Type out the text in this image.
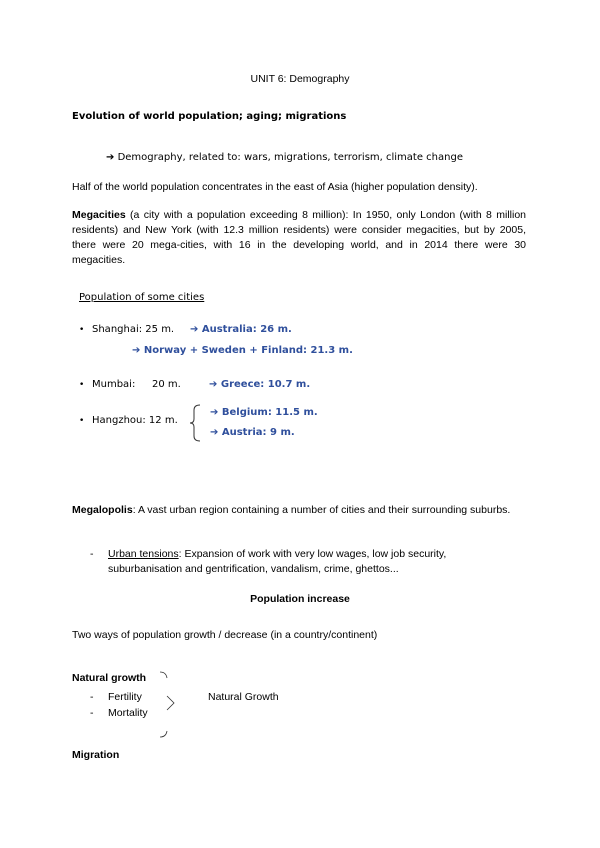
UNIT 6: Demography
Evolution of world population; aging; migrations
➔ Demography, related to: wars, migrations, terrorism, climate change
Half of the world population concentrates in the east of Asia (higher population density).
Megacities (a city with a population exceeding 8 million): In 1950, only London (with 8 million residents) and New York (with 12.3 million residents) were consider megacities, but by 2005, there were 20 mega-cities, with 16 in the developing world, and in 2014 there were 30 megacities.
Population of some cities
• Shanghai: 25 m. ➔ Australia: 26 m.
➔ Norway + Sweden + Finland: 21.3 m.
• Mumbai: 20 m.	➔ Greece: 10.7 m.
• Hangzhou: 12 m.
➔ Belgium: 11.5 m.
➔ Austria: 9 m.
Megalopolis: A vast urban region containing a number of cities and their surrounding suburbs.
- Urban tensions: Expansion of work with very low wages, low job security,
suburbanisation and gentrification, vandalism, crime, ghettos...
Population increase
Two ways of population growth / decrease (in a country/continent)
Natural growth
- Fertility
- Mortality
Natural Growth
Migration
